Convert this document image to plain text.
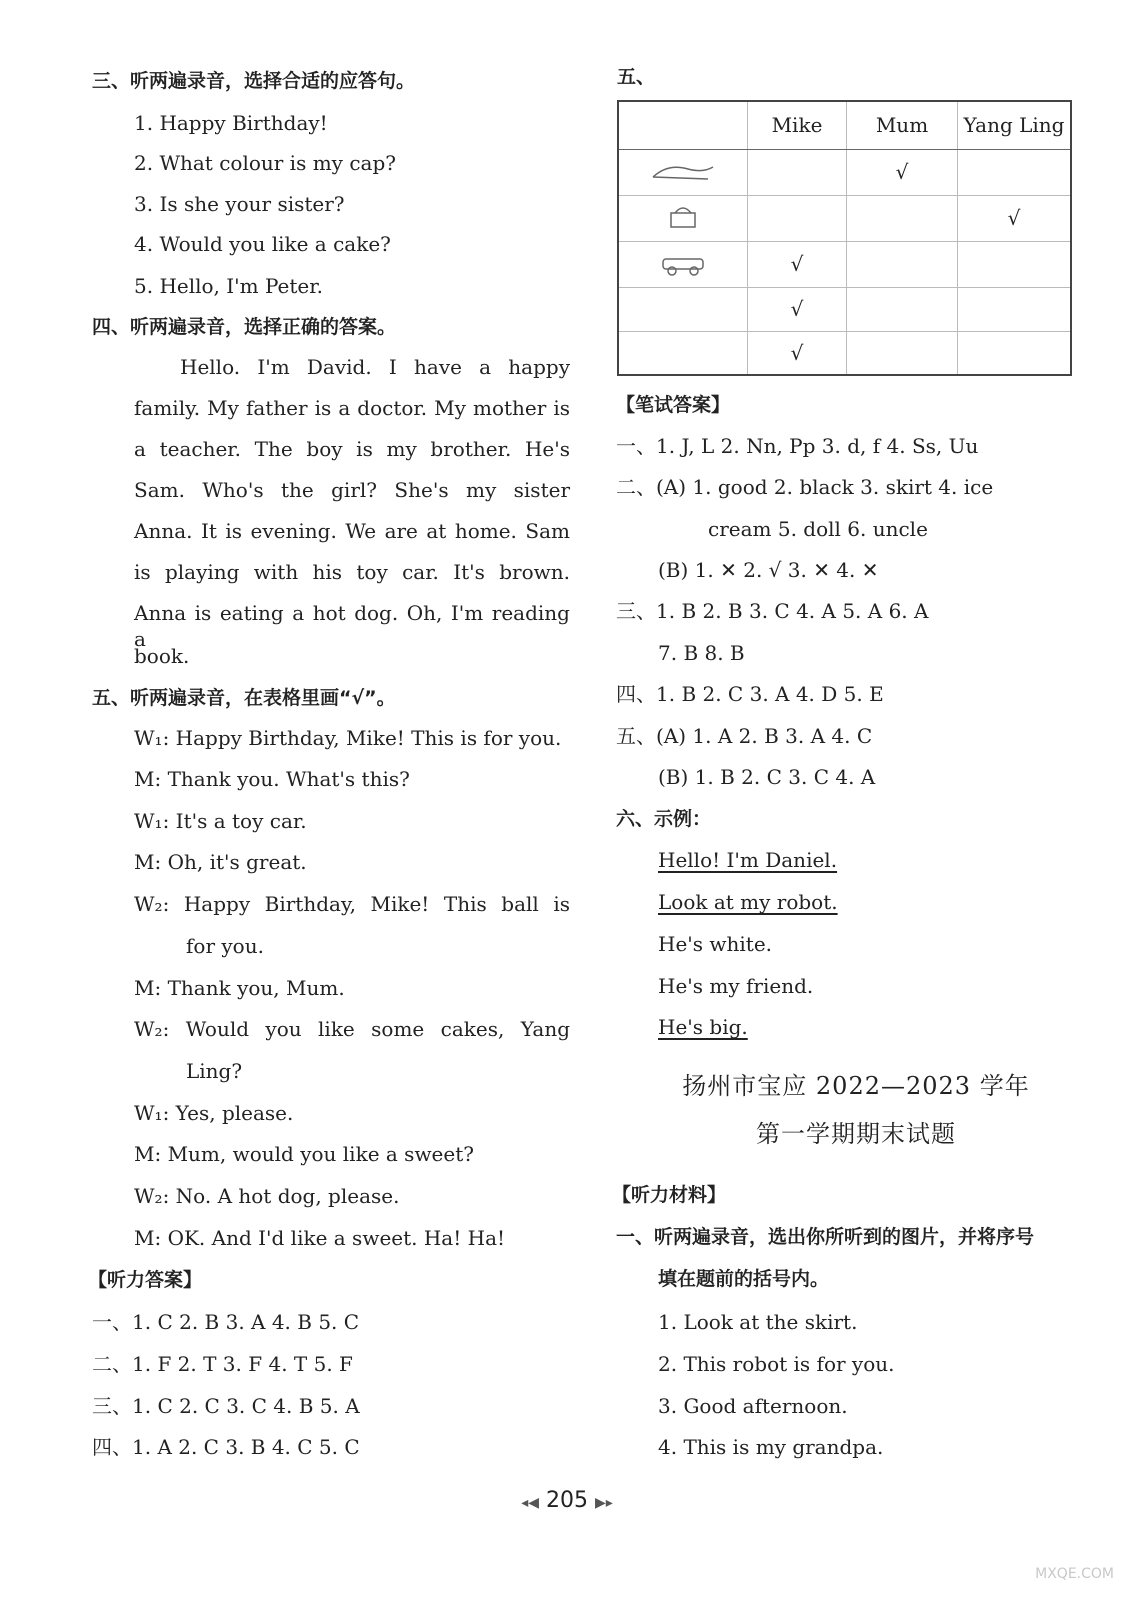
三、听两遍录音，选择合适的应答句。
1. Happy Birthday!
2. What colour is my cap?
3. Is she your sister?
4. Would you like a cake?
5. Hello, I'm Peter.
四、听两遍录音，选择正确的答案。
Hello. I'm David. I have a happy
family. My father is a doctor. My mother is
a teacher. The boy is my brother. He's
Sam. Who's the girl? She's my sister
Anna. It is evening. We are at home. Sam
is playing with his toy car. It's brown.
Anna is eating a hot dog. Oh, I'm reading a
book.
五、听两遍录音，在表格里画“√”。
W₁: Happy Birthday, Mike! This is for you.
M: Thank you. What's this?
W₁: It's a toy car.
M: Oh, it's great.
W₂: Happy Birthday, Mike! This ball is
for you.
M: Thank you, Mum.
W₂: Would you like some cakes, Yang
Ling?
W₁: Yes, please.
M: Mum, would you like a sweet?
W₂: No. A hot dog, please.
M: OK. And I'd like a sweet. Ha! Ha!
【听力答案】
一、1. C 2. B 3. A 4. B 5. C
二、1. F 2. T 3. F 4. T 5. F
三、1. C 2. C 3. C 4. B 5. A
四、1. A 2. C 3. B 4. C 5. C
五、
	Mike	Mum	Yang Ling
		√	
			√
	√		
	√		
	√		
【笔试答案】
一、1. J, L 2. Nn, Pp 3. d, f 4. Ss, Uu
二、(A) 1. good 2. black 3. skirt 4. ice
cream 5. doll 6. uncle
(B) 1. ✕ 2. √ 3. ✕ 4. ✕
三、1. B 2. B 3. C 4. A 5. A 6. A
7. B 8. B
四、1. B 2. C 3. A 4. D 5. E
五、(A) 1. A 2. B 3. A 4. C
(B) 1. B 2. C 3. C 4. A
六、示例：
Hello! I'm Daniel.
Look at my robot.
He's white.
He's my friend.
He's big.
扬州市宝应 2022—2023 学年
第一学期期末试题
【听力材料】
一、听两遍录音，选出你所听到的图片，并将序号
填在题前的括号内。
1. Look at the skirt.
2. This robot is for you.
3. Good afternoon.
4. This is my grandpa.
◂◀ 205 ▶▸
MXQE.COM
